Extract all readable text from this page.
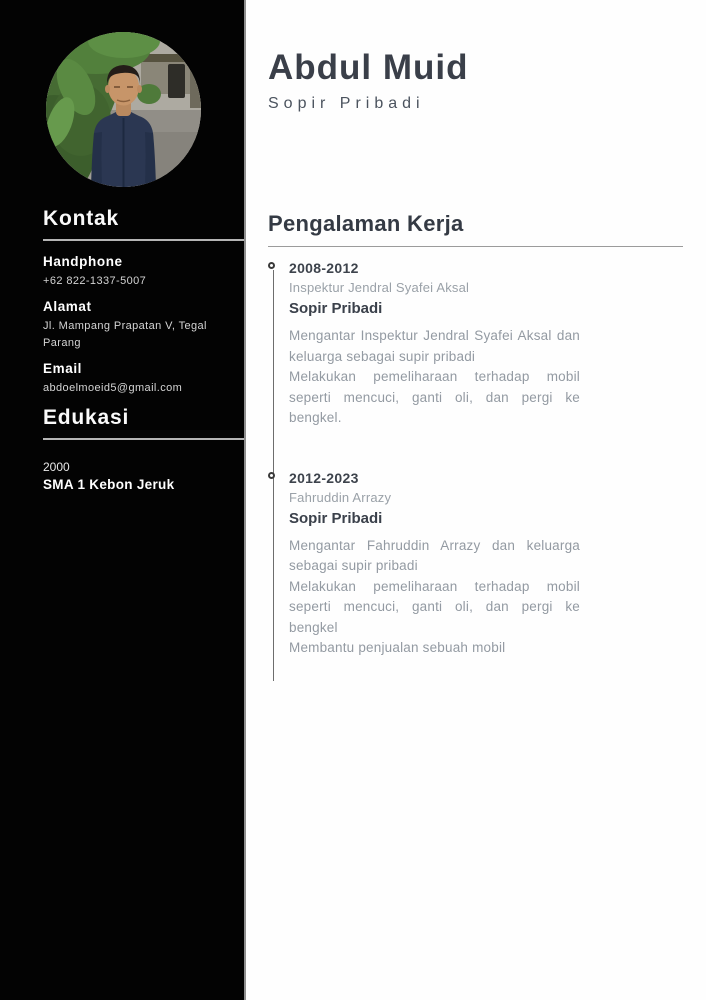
Kontak
Handphone
+62 822-1337-5007
Alamat
Jl. Mampang Prapatan V, Tegal Parang
Email
abdoelmoeid5@gmail.com
Edukasi
2000
SMA 1 Kebon Jeruk
Abdul Muid
Sopir Pribadi
Pengalaman Kerja
2008-2012
Inspektur Jendral Syafei Aksal
Sopir Pribadi
Mengantar Inspektur Jendral Syafei Aksal dan keluarga sebagai supir pribadi
Melakukan pemeliharaan terhadap mobil seperti mencuci, ganti oli, dan pergi ke bengkel.
2012-2023
Fahruddin Arrazy
Sopir Pribadi
Mengantar Fahruddin Arrazy dan keluarga sebagai supir pribadi
Melakukan pemeliharaan terhadap mobil seperti mencuci, ganti oli, dan pergi ke bengkel
Membantu penjualan sebuah mobil
